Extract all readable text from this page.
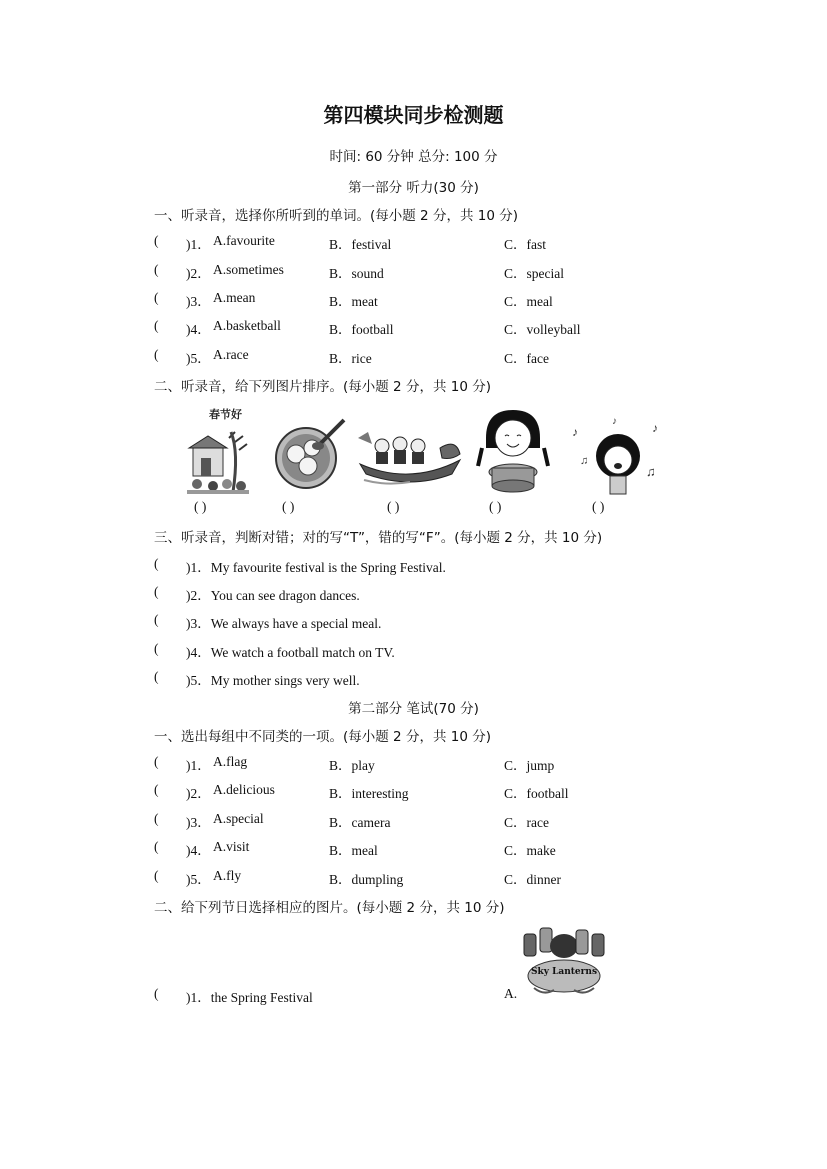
第四模块同步检测题
时间: 60 分钟 总分: 100 分
第一部分 听力(30 分)
一、听录音，选择你所听到的单词。(每小题 2 分，共 10 分)
( )1． A.favourite	B．festival	C．fast
( )2． A.sometimes	B．sound	C．special
( )3． A.mean	B．meat	C．meal
( )4． A.basketball	B．football	C．volleyball
( )5． A.race	B．rice	C．face
二、听录音，给下列图片排序。(每小题 2 分，共 10 分)
春节好
♪
♫
♪
♫
♪
( )	( )	( )	( )	( )
三、听录音，判断对错；对的写“T”，错的写“F”。(每小题 2 分，共 10 分)
( )1．My favourite festival is the Spring Festival.
( )2．You can see dragon dances.
( )3．We always have a special meal.
( )4．We watch a football match on TV.
( )5．My mother sings very well.
第二部分 笔试(70 分)
一、选出每组中不同类的一项。(每小题 2 分，共 10 分)
( )1． A.flag	B．play	C．jump
( )2． A.delicious	B．interesting	C．football
( )3． A.special	B．camera	C．race
( )4． A.visit	B．meal	C．make
( )5． A.fly	B．dumpling	C．dinner
二、给下列节日选择相应的图片。(每小题 2 分，共 10 分)
( )1．the Spring Festival	A.
Sky Lanterns
